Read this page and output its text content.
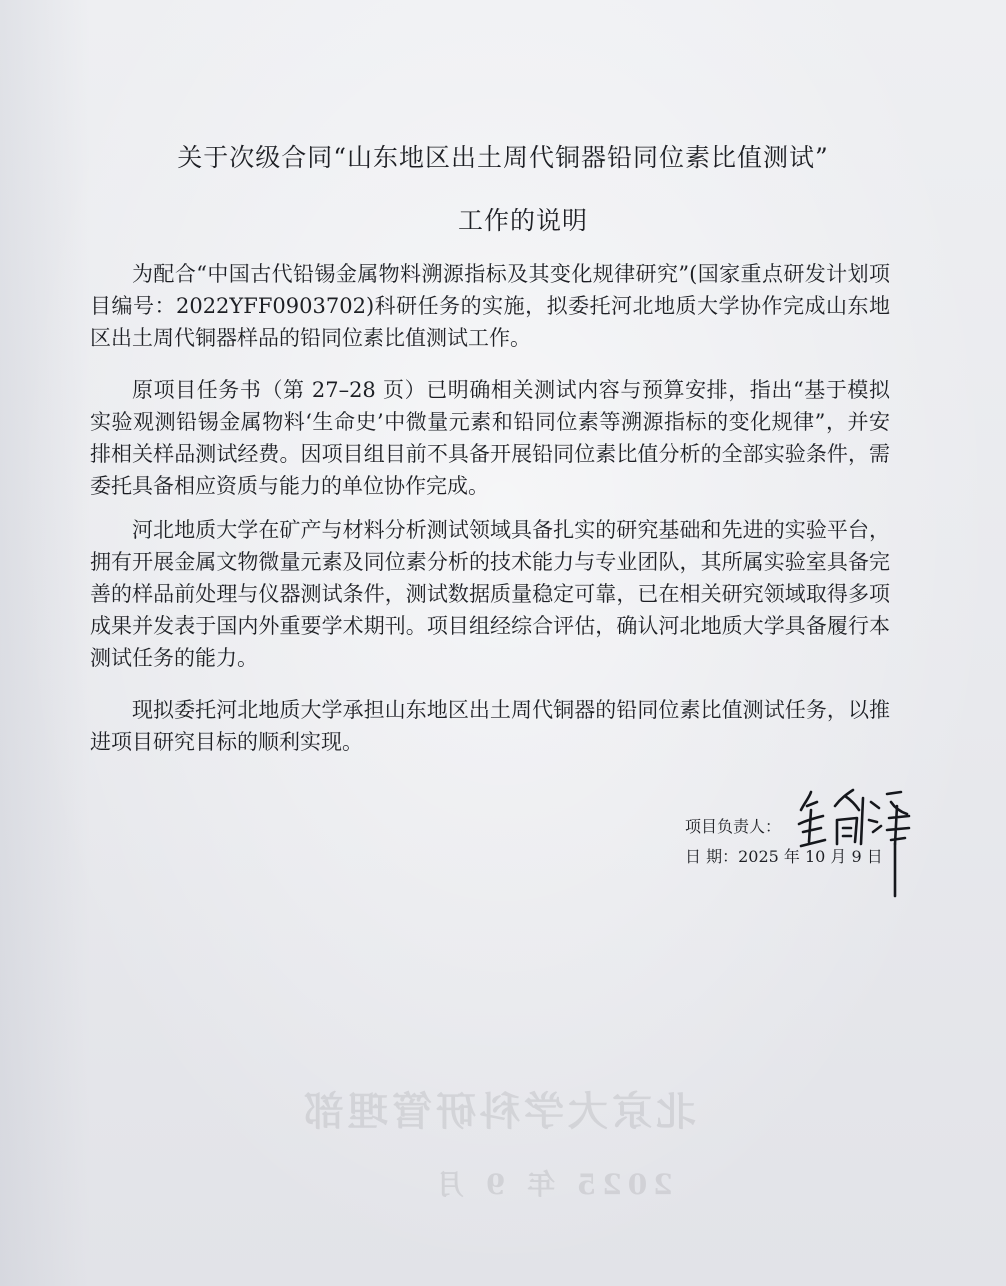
北京大学科研管理部
2025 年 9 月
关于次级合同“山东地区出土周代铜器铅同位素比值测试”
工作的说明

为配合“中国古代铅锡金属物料溯源指标及其变化规律研究”(国家重点研发计划项目编号：2022YFF0903702)科研任务的实施，拟委托河北地质大学协作完成山东地区出土周代铜器样品的铅同位素比值测试工作。

原项目任务书（第 27–28 页）已明确相关测试内容与预算安排，指出“基于模拟实验观测铅锡金属物料‘生命史’中微量元素和铅同位素等溯源指标的变化规律”，并安排相关样品测试经费。因项目组目前不具备开展铅同位素比值分析的全部实验条件，需委托具备相应资质与能力的单位协作完成。

河北地质大学在矿产与材料分析测试领域具备扎实的研究基础和先进的实验平台，拥有开展金属文物微量元素及同位素分析的技术能力与专业团队，其所属实验室具备完善的样品前处理与仪器测试条件，测试数据质量稳定可靠，已在相关研究领域取得多项成果并发表于国内外重要学术期刊。项目组经综合评估，确认河北地质大学具备履行本测试任务的能力。

现拟委托河北地质大学承担山东地区出土周代铜器的铅同位素比值测试任务，以推进项目研究目标的顺利实现。

项目负责人：
日 期：2025 年 10 月 9 日
